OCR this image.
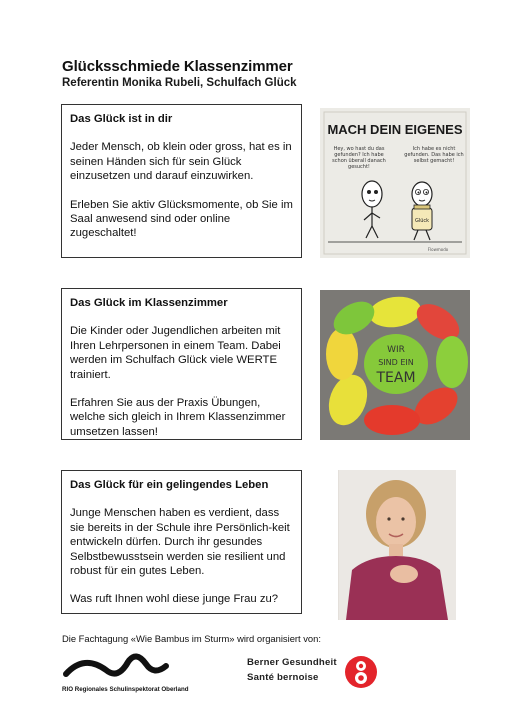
Glücksschmiede Klassenzimmer
Referentin Monika Rubeli, Schulfach Glück
Das Glück ist in dir

Jeder Mensch, ob klein oder gross, hat es in seinen Händen sich für sein Glück einzusetzen und darauf einzuwirken.

Erleben Sie aktiv Glücksmomente, ob Sie im Saal anwesend sind oder online zugeschaltet!

MACH DEIN EIGENES
Hey, wo hast du das gefunden? Ich habe schon überall danach gesucht!
Ich habe es nicht gefunden. Das habe ich selbst gemacht!
Glück
Flowmodo
Das Glück im Klassenzimmer

Die Kinder oder Jugendlichen arbeiten mit Ihren Lehrpersonen in einem Team. Dabei werden im Schulfach Glück viele WERTE trainiert.

Erfahren Sie aus der Praxis Übungen, welche sich gleich in Ihrem Klassenzimmer umsetzen lassen!

WIR
SIND EIN
TEAM
Das Glück für ein gelingendes Leben

Junge Menschen haben es verdient, dass sie bereits in der Schule ihre Persönlich-keit entwickeln dürfen. Durch ihr gesundes Selbstbewusstsein werden sie resilient und robust für ein gutes Leben.

Was ruft Ihnen wohl diese junge Frau zu?

Die Fachtagung «Wie Bambus im Sturm» wird organisiert von:
RIO Regionales Schulinspektorat Oberland
Berner Gesundheit
Santé bernoise
